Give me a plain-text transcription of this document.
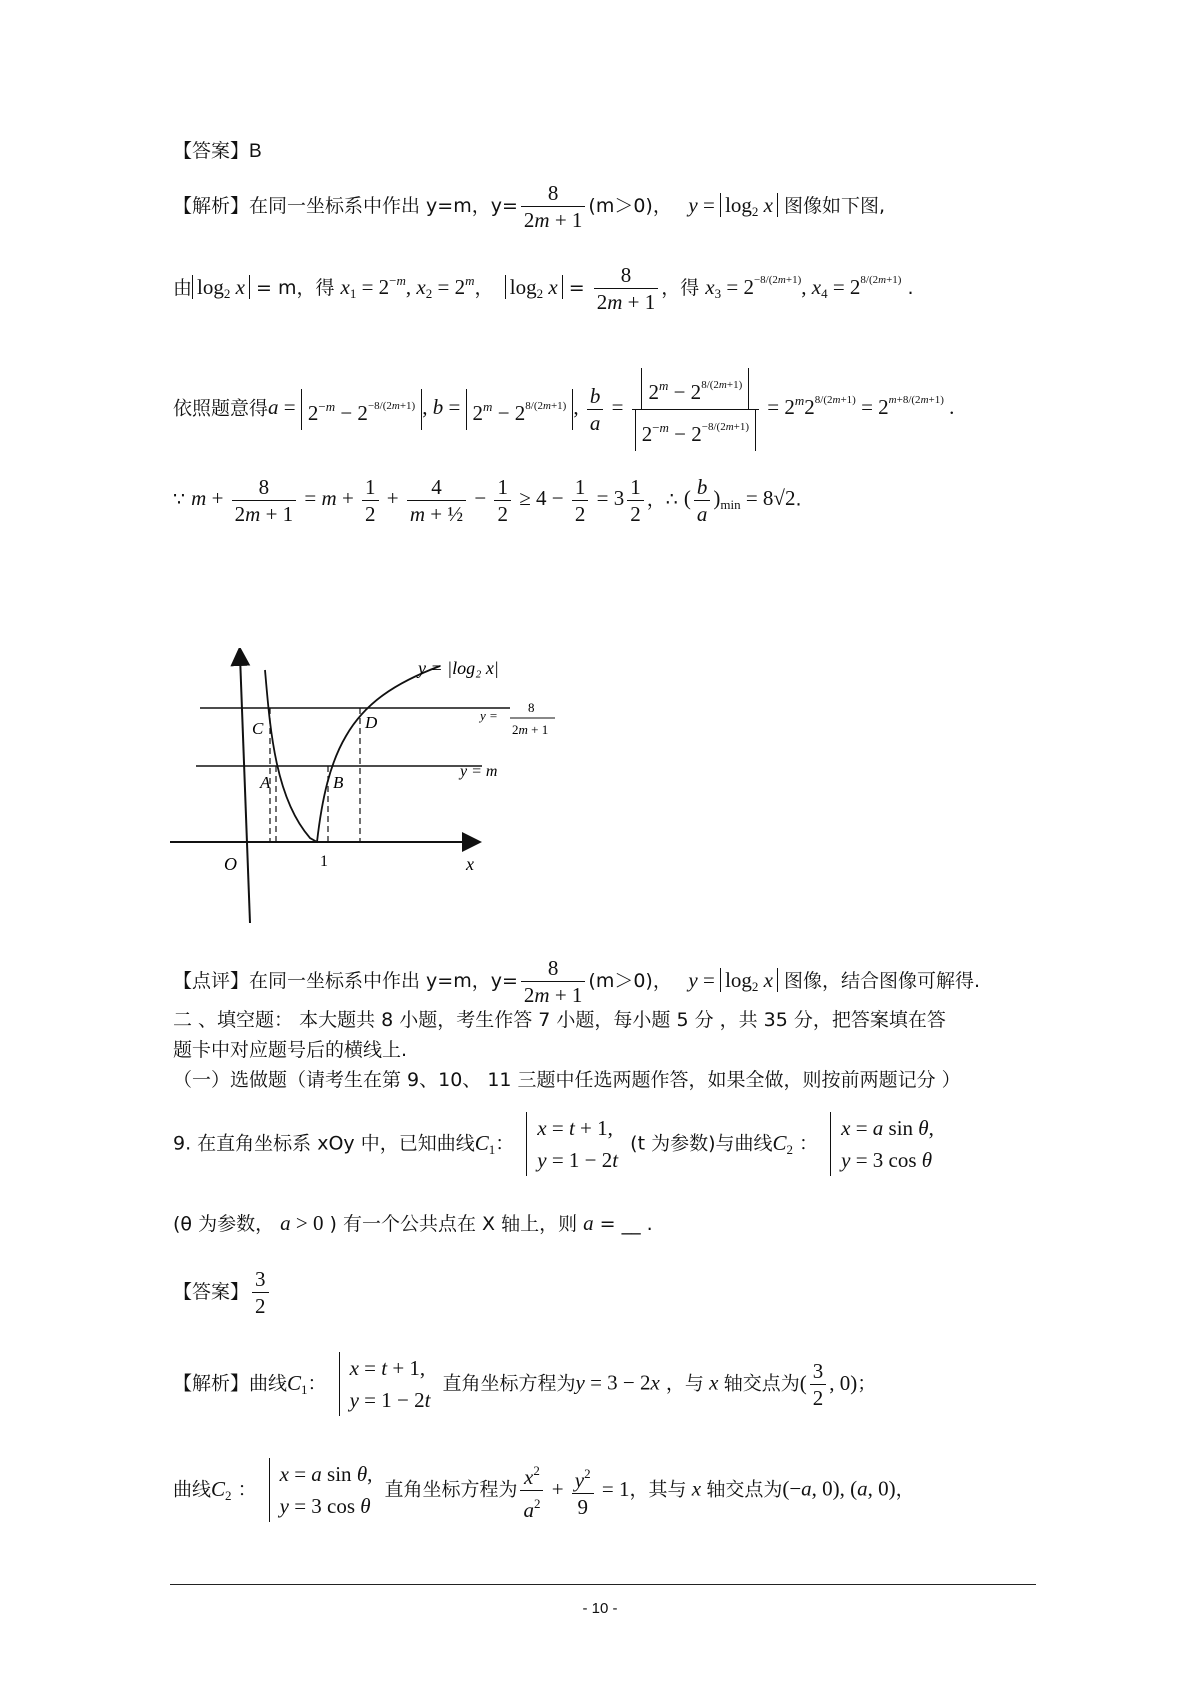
【答案】B
【解析】在同一坐标系中作出 y=m，$y= \frac{8}{2m + 1} (m>0)$， $y = \log_2 x$ 图像如下图,
由 $\log_2 x = m$，得 $x_1 = 2^{-m}$, $x_2 = 2^m$， $\log_2 x = \frac{8}{2m + 1}$ ，得 $x_3 = 2^{-8/(2m+1)}$, $x_4 = 2^{8/(2m+1)}$ .
依照题意得$a = 2^{-m} - 2^{-8/(2m+1)}$ , $b = 2^m - 2^{8/(2m+1)}$ , $\frac{b}{a} = \frac{2^m - 2^{8/(2m+1)}}{2^{-m} - 2^{-8/(2m+1)}} = 2^m2^{8/(2m+1)} = 2^{m+8/(2m+1)}$ .
∵ $m + \frac{8}{2m + 1} = m + \frac{1}{2} + \frac{4}{\text{m + ½}} - \frac{1}{2} \ge 4 - \frac{1}{2} = 3 \frac{1}{2}$ ，∴ ( $\frac{b}{a} )_{min} = 8√2$.
y = |log₂ x|
y =
8
2m + 1
y = m
C	D
A	B
O	1	x
【点评】在同一坐标系中作出 y=m，$y= \frac{8}{2m + 1} (m>0)$， $y = \log_2 x$ 图像，结合图像可解得.
二 、填空题： 本大题共 8 小题，考生作答 7 小题，每小题 5 分 ，共 35 分，把答案填在答
题卡中对应题号后的横线上.
（一）选做题（请考生在第 9、10、 11 三题中任选两题作答，如果全做，则按前两题记分 ）
9. 在直角坐标系 xOy 中，已知曲线$C_1$：
x = t + 1,
y = 1 − 2t
(t 为参数)与曲线$C_2$ ：
x = a sin θ,
y = 3 cos θ
(θ 为参数， a > 0 ) 有一个公共点在 X 轴上，则 a = __ .
【答案】 $\frac{3}{2}$
【解析】曲线$C_1$：
x = t + 1,
y = 1 − 2t
直角坐标方程为y = 3 − 2x ，与 x 轴交点为( $\frac{3}{2}$ , 0)；
曲线$C_2$ ：
x = a sin θ,
y = 3 cos θ
直角坐标方程为 $\frac{x^2}{a^2} + \frac{y^2}{9} = 1$，其与 x 轴交点为(−a, 0), (a, 0)，
- 10 -
